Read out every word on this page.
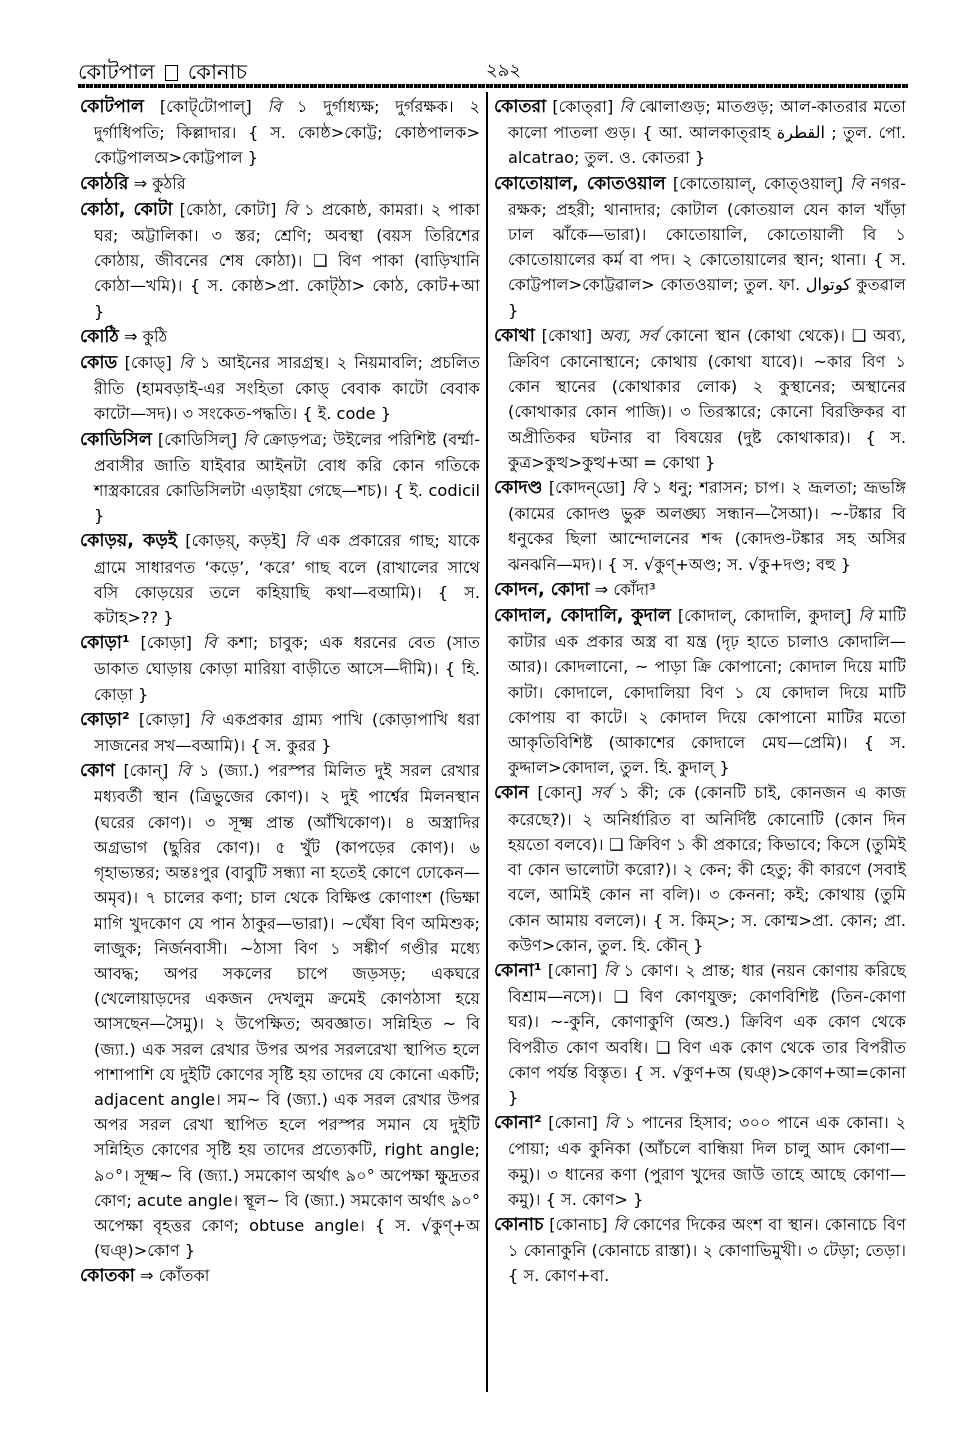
কোটপাল কোনাচ	২৯২

কোটপাল [কোট্‌টোপাল্‌] বি ১ দুর্গাধ্যক্ষ; দুর্গরক্ষক। ২ দুর্গাধিপতি; কিল্লাদার। { স. কোষ্ঠ>কোট্ট; কোষ্ঠপালক> কোট্টপালঅ>কোট্টপাল }

কোঠরি ⇒ কুঠরি

কোঠা, কোটা [কোঠা, কোটা] বি ১ প্রকোষ্ঠ, কামরা। ২ পাকা ঘর; অট্টালিকা। ৩ স্তর; শ্রেণি; অবস্থা (বয়স তিরিশের কোঠায়, জীবনের শেষ কোঠা)। ❑ বিণ পাকা (বাড়িখানি কোঠা—খমি)। { স. কোষ্ঠ>প্রা. কোট্‌ঠা> কোঠ, কোট+আ }

কোঠি ⇒ কুঠি

কোড [কোড্‌] বি ১ আইনের সারগ্রন্থ। ২ নিয়মাবলি; প্রচলিত রীতি (হামবড়াই-এর সংহিতা কোড্‌ বেবাক কাটো বেবাক কাটো—সদ)। ৩ সংকেত-পদ্ধতি। { ই. code }

কোডিসিল [কোডিসিল্‌] বি ক্রোড়পত্র; উইলের পরিশিষ্ট (বর্ম্মা-প্রবাসীর জাতি যাইবার আইনটা বোধ করি কোন গতিকে শাস্ত্রকারের কোডিসিলটা এড়াইয়া গেছে—শচ)। { ই. codicil }

কোড়য়, কড়ই [কোড়য়্‌, কড়ই] বি এক প্রকারের গাছ; যাকে গ্রামে সাধারণত ‘কড়ে’, ‘করে’ গাছ বলে (রাখালের সাথে বসি কোড়য়ের তলে কহিয়াছি কথা—বআমি)। { স. কটাহ>?? }

কোড়া¹ [কোড়া] বি কশা; চাবুক; এক ধরনের বেত (সাত ডাকাত ঘোড়ায় কোড়া মারিয়া বাড়ীতে আসে—দীমি)। { হি. কোড়া }

কোড়া² [কোড়া] বি একপ্রকার গ্রাম্য পাখি (কোড়াপাখি ধরা সাজনের সখ—বআমি)। { স. কুরর }

কোণ [কোন্‌] বি ১ (জ্যা.) পরস্পর মিলিত দুই সরল রেখার মধ্যবর্তী স্থান (ত্রিভুজের কোণ)। ২ দুই পার্শ্বের মিলনস্থান (ঘরের কোণ)। ৩ সূক্ষ্ম প্রান্ত (আঁখিকোণ)। ৪ অস্ত্রাদির অগ্রভাগ (ছুরির কোণ)। ৫ খুঁট (কাপড়ের কোণ)। ৬ গৃহাভ্যন্তর; অন্তঃপুর (বাবুটি সন্ধ্যা না হতেই কোণে ঢোকেন—অমৃব)। ৭ চালের কণা; চাল থেকে বিক্ষিপ্ত কোণাংশ (ভিক্ষা মাগি খুদকোণ যে পান ঠাকুর—ভারা)। ~ঘেঁষা বিণ অমিশুক; লাজুক; নির্জনবাসী। ~ঠাসা বিণ ১ সঙ্কীর্ণ গণ্ডীর মধ্যে আবদ্ধ; অপর সকলের চাপে জড়সড়; একঘরে (খেলোয়াড়দের একজন দেখলুম ক্রমেই কোণঠাসা হয়ে আসছেন—সৈমু)। ২ উপেক্ষিত; অবজ্ঞাত। সন্নিহিত ~ বি (জ্যা.) এক সরল রেখার উপর অপর সরলরেখা স্থাপিত হলে পাশাপাশি যে দুইটি কোণের সৃষ্টি হয় তাদের যে কোনো একটি; adjacent angle। সম~ বি (জ্যা.) এক সরল রেখার উপর অপর সরল রেখা স্থাপিত হলে পরস্পর সমান যে দুইটি সন্নিহিত কোণের সৃষ্টি হয় তাদের প্রত্যেকটি, right angle; ৯০°। সূক্ষ্ম~ বি (জ্যা.) সমকোণ অর্থাৎ ৯০° অপেক্ষা ক্ষুদ্রতর কোণ; acute angle। স্থূল~ বি (জ্যা.) সমকোণ অর্থাৎ ৯০° অপেক্ষা বৃহত্তর কোণ; obtuse angle। { স. √কুণ্‌+অ (ঘঞ্‌)>কোণ }

কোতকা ⇒ কোঁতকা

কোতরা [কোত্‌রা] বি ঝোলাগুড়; মাতগুড়; আল-কাতরার মতো কালো পাতলা গুড়। { আ. আলকাত্‌রাহ القطرة ; তুল. পো. alcatrao; তুল. ও. কোতরা }

কোতোয়াল, কোতওয়াল [কোতোয়াল্‌, কোত্‌ওয়াল্‌] বি নগর-রক্ষক; প্রহরী; থানাদার; কোটাল (কোতয়াল যেন কাল খাঁড়া ঢাল ঝাঁকে—ভারা)। কোতোয়ালি, কোতোয়ালী বি ১ কোতোয়ালের কর্ম বা পদ। ২ কোতোয়ালের স্থান; থানা। { স. কোট্টপাল>কোট্টৱাল> কোতওয়াল; তুল. ফা. کوتوال কুতৱাল }

কোথা [কোথা] অব্য, সর্ব কোনো স্থান (কোথা থেকে)। ❑ অব্য, ক্রিবিণ কোনোস্থানে; কোথায় (কোথা যাবে)। ~কার বিণ ১ কোন স্থানের (কোথাকার লোক) ২ কুস্থানের; অস্থানের (কোথাকার কোন পাজি)। ৩ তিরস্কারে; কোনো বিরক্তিকর বা অপ্রীতিকর ঘটনার বা বিষয়ের (দুষ্ট কোথাকার)। { স. কুত্র>কুত্থ>কুত্থ+আ = কোথা }

কোদণ্ড [কোদন্‌ডো] বি ১ ধনু; শরাসন; চাপ। ২ ভ্রূলতা; ভ্রূভঙ্গি (কামের কোদণ্ড ভুরু অলঙ্ঘ্য সন্ধান—সৈআ)। ~-টঙ্কার বি ধনুকের ছিলা আন্দোলনের শব্দ (কোদণ্ড-টঙ্কার সহ অসির ঝনঝনি—মদ)। { স. √কুণ্‌+অণ্ড; স. √কু+দণ্ড; বহু }

কোদন, কোদা ⇒ কোঁদা³

কোদাল, কোদালি, কুদাল [কোদাল্‌, কোদালি, কুদাল্‌] বি মাটি কাটার এক প্রকার অস্ত্র বা যন্ত্র (দৃঢ় হাতে চালাও কোদালি—আর)। কোদলানো, ~ পাড়া ক্রি কোপানো; কোদাল দিয়ে মাটি কাটা। কোদালে, কোদালিয়া বিণ ১ যে কোদাল দিয়ে মাটি কোপায় বা কাটে। ২ কোদাল দিয়ে কোপানো মাটির মতো আকৃতিবিশিষ্ট (আকাশের কোদালে মেঘ—প্রেমি)। { স. কুদ্দাল>কোদাল, তুল. হি. কুদাল্‌ }

কোন [কোন্‌] সর্ব ১ কী; কে (কোনটি চাই, কোনজন এ কাজ করেছে?)। ২ অনির্ধারিত বা অনির্দিষ্ট কোনোটি (কোন দিন হয়তো বলবে)। ❑ ক্রিবিণ ১ কী প্রকারে; কিভাবে; কিসে (তুমিই বা কোন ভালোটা করো?)। ২ কেন; কী হেতু; কী কারণে (সবাই বলে, আমিই কোন না বলি)। ৩ কেননা; কই; কোথায় (তুমি কোন আমায় বললে)। { স. কিম্‌>; স. কোম্ম>প্রা. কোন; প্রা. কউণ>কোন, তুল. হি. কৌন্‌ }

কোনা¹ [কোনা] বি ১ কোণ। ২ প্রান্ত; ধার (নয়ন কোণায় করিছে বিশ্রাম—নসে)। ❑ বিণ কোণযুক্ত; কোণবিশিষ্ট (তিন-কোণা ঘর)। ~-কুনি, কোণাকুণি (অশু.) ক্রিবিণ এক কোণ থেকে বিপরীত কোণ অবধি। ❑ বিণ এক কোণ থেকে তার বিপরীত কোণ পর্যন্ত বিস্তৃত। { স. √কুণ+অ (ঘঞ্‌)>কোণ+আ=কোনা }

কোনা² [কোনা] বি ১ পানের হিসাব; ৩০০ পানে এক কোনা। ২ পোয়া; এক কুনিকা (আঁচলে বান্ধিয়া দিল চালু আদ কোণা—কমু)। ৩ ধানের কণা (পুরাণ খুদের জাউ তাহে আছে কোণা—কমু)। { স. কোণ> }

কোনাচ [কোনাচ] বি কোণের দিকের অংশ বা স্থান। কোনাচে বিণ ১ কোনাকুনি (কোনাচে রাস্তা)। ২ কোণাভিমুখী। ৩ টেড়া; তেড়া। { স. কোণ+বা.
